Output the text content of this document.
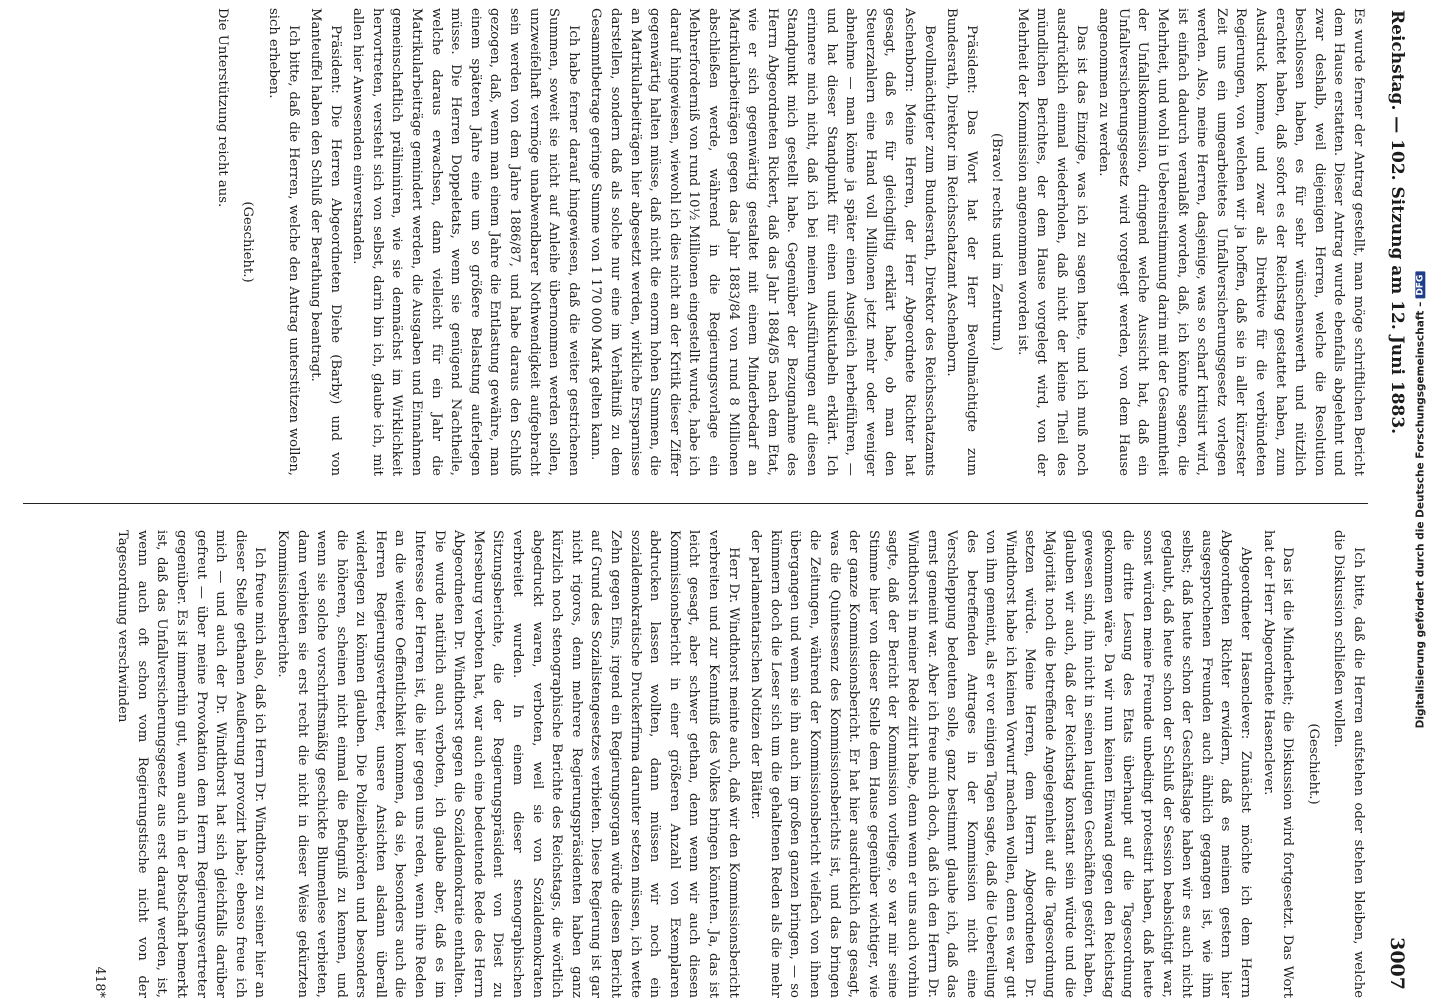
Reichstag. — 102. Sitzung am 12. Juni 1883.
3007

Es wurde ferner der Antrag gestellt, man möge schriftlichen Bericht dem Hause erstatten. Dieser Antrag wurde ebenfalls abgelehnt und zwar deshalb, weil diejenigen Herren, welche die Resolution beschlossen haben, es für sehr wünschenswerth und nützlich erachtet haben, daß sofort es der Reichstag gestattet haben, zum Ausdruck komme, und zwar als Direktive für die verbündeten Regierungen, von welchen wir ja hoffen, daß sie in aller kürzester Zeit uns ein umgearbeitetes Unfallversicherungsgesetz vorlegen werden. Also, meine Herren, dasjenige, was so scharf kritisirt wird, ist einfach dadurch veranlaßt worden, daß, ich könnte sagen, die Mehrheit, und wohl in Uebereinstimmung darin mit der Gesammtheit der Unfallskommission, dringend welche Aussicht hat, daß ein Unfallversicherungsgesetz wird vorgelegt werden, von dem Hause angenommen zu werden.

Das ist das Einzige, was ich zu sagen hatte, und ich muß noch ausdrücklich einmal wiederholen, daß nicht der kleine Theil des mündlichen Berichtes, der dem Hause vorgelegt wird, von der Mehrheit der Kommission angenommen worden ist.

(Bravo! rechts und im Zentrum.)

Präsident: Das Wort hat der Herr Bevollmächtigte zum Bundesrath, Direktor im Reichsschatzamt Aschenborn.

Bevollmächtigter zum Bundesrath, Direktor des Reichsschatzamts Aschenborn: Meine Herren, der Herr Abgeordnete Richter hat gesagt, daß es für gleichgiltig erklärt habe, ob man den Steuerzahlern eine Hand voll Millionen jetzt mehr oder weniger abnehme — man könne ja später einen Ausgleich herbeiführen, — und hat dieser Standpunkt für einen undiskutabeln erklärt. Ich erinnere mich nicht, daß ich bei meinen Ausführungen auf diesen Standpunkt mich gestellt habe. Gegenüber der Bezugnahme des Herrn Abgeordneten Rickert, daß das Jahr 1884/85 nach dem Etat, wie er sich gegenwärtig gestaltet mit einem Minderbedarf an Matrikularbeiträgen gegen das Jahr 1883/84 von rund 8 Millionen abschließen werde, während in die Regierungsvorlage ein Mehrerforderniß von rund 10½ Millionen eingestellt wurde, habe ich darauf hingewiesen, wiewohl ich dies nicht an der Kritik dieser Ziffer gegenwärtig halten müsse, daß nicht die enorm hohen Summen, die an Matrikularbeiträgen hier abgesetzt werden, wirkliche Ersparnisse darstellen, sondern daß als solche nur eine im Verhältniß zu dem Gesammtbetrage geringe Summe von 1 170 000 Mark gelten kann.

Ich habe ferner darauf hingewiesen, daß die weiter gestrichenen Summen, soweit sie nicht auf Anleihe übernommen werden sollen, unzweifelhaft vermöge unabwendbarer Nothwendigkeit aufgebracht sein werden von dem Jahre 1886/87, und habe daraus den Schluß gezogen, daß, wenn man einem Jahre die Entlastung gewähre, man einem späteren Jahre eine um so größere Belastung auferlegen müsse. Die Herren Doppeletats, wenn sie genügend Nachtheile, welche daraus erwachsen, dann vielleicht für ein Jahr die Matrikularbeiträge gemindert werden, die Ausgaben und Einnahmen gemeinschaftlich präliminiren, wie sie demnächst im Wirklichkeit hervortreten, versteht sich von selbst, darin bin ich, glaube ich, mit allen hier Anwesenden einverstanden.

Präsident: Die Herren Abgeordneten Diehe (Barby) und von Manteuffel haben den Schluß der Berathung beantragt.

Ich bitte, daß die Herren, welche den Antrag unterstützen wollen, sich erheben.

(Geschieht.)

Die Unterstützung reicht aus.

Ich bitte, daß die Herren aufstehen oder stehen bleiben, welche die Diskussion schließen wollen.

(Geschieht.)

Das ist die Minderheit; die Diskussion wird fortgesetzt. Das Wort hat der Herr Abgeordnete Hasenclever.

Abgeordneter Hasenclever: Zunächst möchte ich dem Herrn Abgeordneten Richter erwidern, daß es meinen gestern hier ausgesprochenen Freunden auch ähnlich gegangen ist, wie ihm selbst; daß heute schon der Geschäftslage haben wir es auch nicht geglaubt, daß heute schon der Schluß der Session beabsichtigt war, sonst würden meine Freunde unbedingt protestirt haben, daß heute die dritte Lesung des Etats überhaupt auf die Tagesordnung gekommen wäre. Da wir nun keinen Einwand gegen den Reichstag gewesen sind, ihn nicht in seinen lautigen Geschäften gestört haben, glauben wir auch, daß der Reichstag konstant sein würde und die Majorität noch die betreffende Angelegenheit auf die Tagesordnung setzen würde. Meine Herren, dem Herrn Abgeordneten Dr. Windthorst habe ich keinen Vorwurf machen wollen, denn es war gut von ihm gemeint, als er vor einigen Tagen sagte, daß die Uebereilung des betreffenden Antrages in der Kommission nicht eine Verschleppung bedeuten solle, ganz bestimmt glaube ich, daß das ernst gemeint war. Aber ich freue mich doch, daß ich den Herrn Dr. Windthorst in meiner Rede zitirt habe, denn wenn er uns auch vorhin sagte, daß der Bericht der Kommission vorliege, so war mir seine Stimme hier von dieser Stelle dem Hause gegenüber wichtiger, wie der ganze Kommissionsbericht. Er hat hier ausdrücklich das gesagt, was die Quintessenz des Kommissionsberichts ist, und das bringen die Zeitungen, während der Kommissionsbericht vielfach von ihnen übergangen und wenn sie ihn auch im großen ganzen bringen, — so kümmern doch die Leser sich um die gehaltenen Reden als die mehr der parlamentarischen Notizen der Blätter.

Herr Dr. Windthorst meinte auch, daß wir den Kommissionsbericht verbreiten und zur Kenntniß des Volkes bringen könnten. Ja, das ist leicht gesagt, aber schwer gethan, denn wenn wir auch diesen Kommissionsbericht in einer größeren Anzahl von Exemplaren abdrucken lassen wollten, dann müssen wir noch ein sozialdemokratische Druckerfirma darunter setzen müssen, ich wette Zehn gegen Eins, irgend ein Regierungsorgan würde diesen Bericht auf Grund des Sozialistengesetzes verbieten. Diese Regierung ist gar nicht rigoros, denn mehrere Regierungspräsidenten haben ganz kürzlich noch stenographische Berichte des Reichstags, die wörtlich abgedruckt waren, verboten, weil sie von Sozialdemokraten verbreitet wurden. In einem dieser stenographischen Sitzungsberichte, die der Regierungspräsident von Diest zu Merseburg verboten hat, war auch eine bedeutende Rede des Herrn Abgeordneten Dr. Windthorst gegen die Sozialdemokratie enthalten. Die wurde natürlich auch verboten, ich glaube aber, daß es im Interesse der Herren ist, die hier gegen uns reden, wenn ihre Reden an die weitere Oeffentlichkeit kommen, da sie, besonders auch die Herren Regierungsvertreter, unsere Ansichten alsdann überall widerlegen zu können glauben. Die Polizeibehörden und besonders die höheren, scheinen nicht einmal die Befugniß zu kennen, und wenn sie solche vorschriftsmäßig geschickte Blumenlese verbieten, dann verbieten sie erst recht die nicht in dieser Weise gekürzten Kommissionsberichte.

Ich freue mich also, daß ich Herrn Dr. Windthorst zu seiner hier an dieser Stelle gethanen Aeußerung provozirt habe; ebenso freue ich mich — und auch der Dr. Windthorst hat sich gleichfalls darüber gefreut — über meine Provokation dem Herrn Regierungsvertreter gegenüber. Es ist immerhin gut, wenn auch in der Botschaft bemerkt ist, daß das Unfallversicherungsgesetz aus erst darauf werden, ist, wenn auch oft schon vom Regierungstische nicht von der Tagesordnung verschwinden

418*
Digitalisierung gefördert durch die Deutsche Forschungsgemeinschaft –
DFG
